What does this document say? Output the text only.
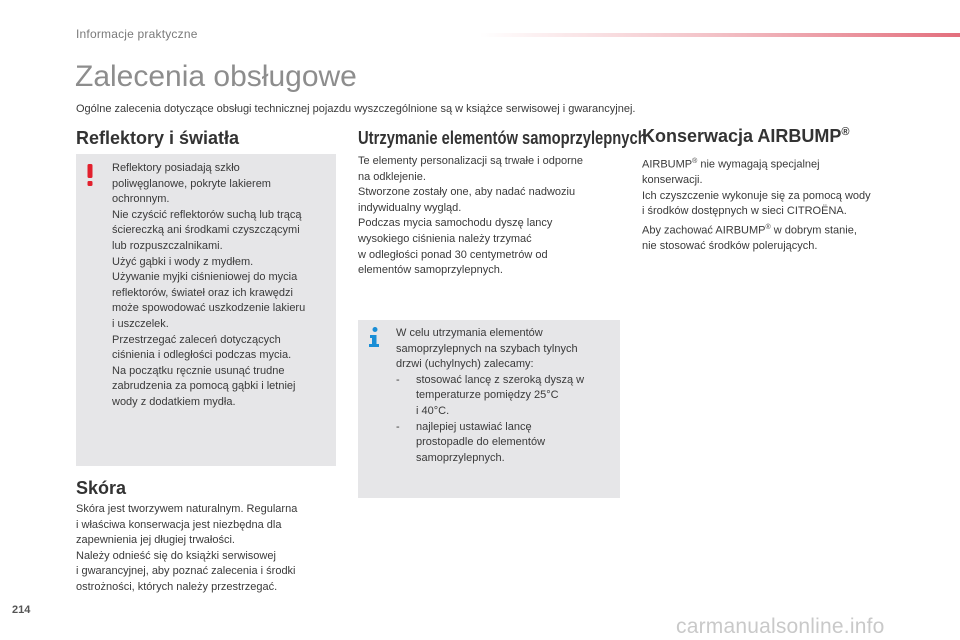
Informacje praktyczne
Zalecenia obsługowe

Ogólne zalecenia dotyczące obsługi technicznej pojazdu wyszczególnione są w książce serwisowej i gwarancyjnej.

Reflektory i światła
Reflektory posiadają szkło
poliwęglanowe, pokryte lakierem
ochronnym.
Nie czyścić reflektorów suchą lub trącą
ściereczką ani środkami czyszczącymi
lub rozpuszczalnikami.
Użyć gąbki i wody z mydłem.
Używanie myjki ciśnieniowej do mycia
reflektorów, świateł oraz ich krawędzi
może spowodować uszkodzenie lakieru
i uszczelek.
Przestrzegać zaleceń dotyczących
ciśnienia i odległości podczas mycia.
Na początku ręcznie usunąć trudne
zabrudzenia za pomocą gąbki i letniej
wody z dodatkiem mydła.
Skóra
Skóra jest tworzywem naturalnym. Regularna
i właściwa konserwacja jest niezbędna dla
zapewnienia jej długiej trwałości.
Należy odnieść się do książki serwisowej
i gwarancyjnej, aby poznać zalecenia i środki
ostrożności, których należy przestrzegać.
Utrzymanie elementów samoprzylepnych
Te elementy personalizacji są trwałe i odporne
na odklejenie.
Stworzone zostały one, aby nadać nadwoziu
indywidualny wygląd.
Podczas mycia samochodu dyszę lancy
wysokiego ciśnienia należy trzymać
w odległości ponad 30 centymetrów od
elementów samoprzylepnych.
W celu utrzymania elementów
samoprzylepnych na szybach tylnych
drzwi (uchylnych) zalecamy:
- stosować lancę z szeroką dyszą w
temperaturze pomiędzy 25°C
i 40°C.
- najlepiej ustawiać lancę
prostopadle do elementów
samoprzylepnych.
Konserwacja AIRBUMP®
AIRBUMP® nie wymagają specjalnej
konserwacji.
Ich czyszczenie wykonuje się za pomocą wody
i środków dostępnych w sieci CITROËNA.
Aby zachować AIRBUMP® w dobrym stanie,
nie stosować środków polerujących.
214
carmanualsonline.info
